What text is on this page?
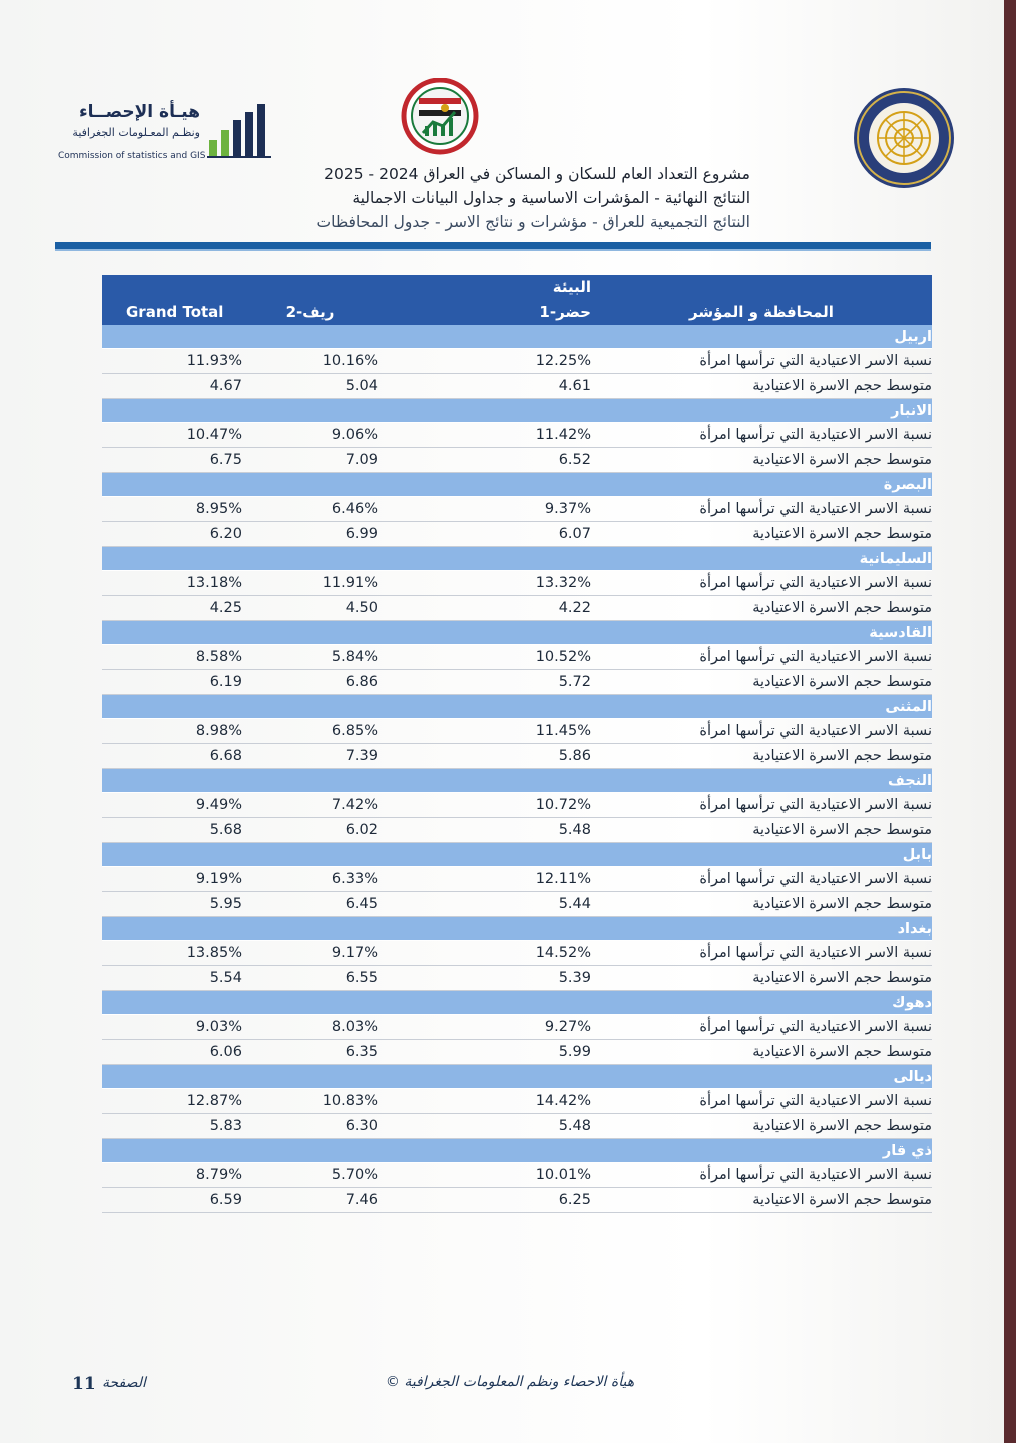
هيـأة الإحصــاء
ونظـم المعـلومات الجغرافية
Commission of statistics and GIS
مشروع التعداد العام للسكان و المساكن في العراق 2024 - 2025
النتائج النهائية - المؤشرات الاساسية و جداول البيانات الاجمالية
النتائج التجميعية للعراق - مؤشرات و نتائج الاسر - جدول المحافظات
		البيئة	
Grand Total	ريف-2	حضر-1	المحافظة و المؤشر
اربيل			
11.93%	10.16%	12.25%	نسبة الاسر الاعتيادية التي ترأسها امرأة
4.67	5.04	4.61	متوسط حجم الاسرة الاعتيادية
الانبار			
10.47%	9.06%	11.42%	نسبة الاسر الاعتيادية التي ترأسها امرأة
6.75	7.09	6.52	متوسط حجم الاسرة الاعتيادية
البصرة			
8.95%	6.46%	9.37%	نسبة الاسر الاعتيادية التي ترأسها امرأة
6.20	6.99	6.07	متوسط حجم الاسرة الاعتيادية
السليمانية			
13.18%	11.91%	13.32%	نسبة الاسر الاعتيادية التي ترأسها امرأة
4.25	4.50	4.22	متوسط حجم الاسرة الاعتيادية
القادسية			
8.58%	5.84%	10.52%	نسبة الاسر الاعتيادية التي ترأسها امرأة
6.19	6.86	5.72	متوسط حجم الاسرة الاعتيادية
المثنى			
8.98%	6.85%	11.45%	نسبة الاسر الاعتيادية التي ترأسها امرأة
6.68	7.39	5.86	متوسط حجم الاسرة الاعتيادية
النجف			
9.49%	7.42%	10.72%	نسبة الاسر الاعتيادية التي ترأسها امرأة
5.68	6.02	5.48	متوسط حجم الاسرة الاعتيادية
بابل			
9.19%	6.33%	12.11%	نسبة الاسر الاعتيادية التي ترأسها امرأة
5.95	6.45	5.44	متوسط حجم الاسرة الاعتيادية
بغداد			
13.85%	9.17%	14.52%	نسبة الاسر الاعتيادية التي ترأسها امرأة
5.54	6.55	5.39	متوسط حجم الاسرة الاعتيادية
دهوك			
9.03%	8.03%	9.27%	نسبة الاسر الاعتيادية التي ترأسها امرأة
6.06	6.35	5.99	متوسط حجم الاسرة الاعتيادية
ديالى			
12.87%	10.83%	14.42%	نسبة الاسر الاعتيادية التي ترأسها امرأة
5.83	6.30	5.48	متوسط حجم الاسرة الاعتيادية
ذي قار			
8.79%	5.70%	10.01%	نسبة الاسر الاعتيادية التي ترأسها امرأة
6.59	7.46	6.25	متوسط حجم الاسرة الاعتيادية
11 الصفحة	هيأة الاحصاء ونظم المعلومات الجغرافية ©
